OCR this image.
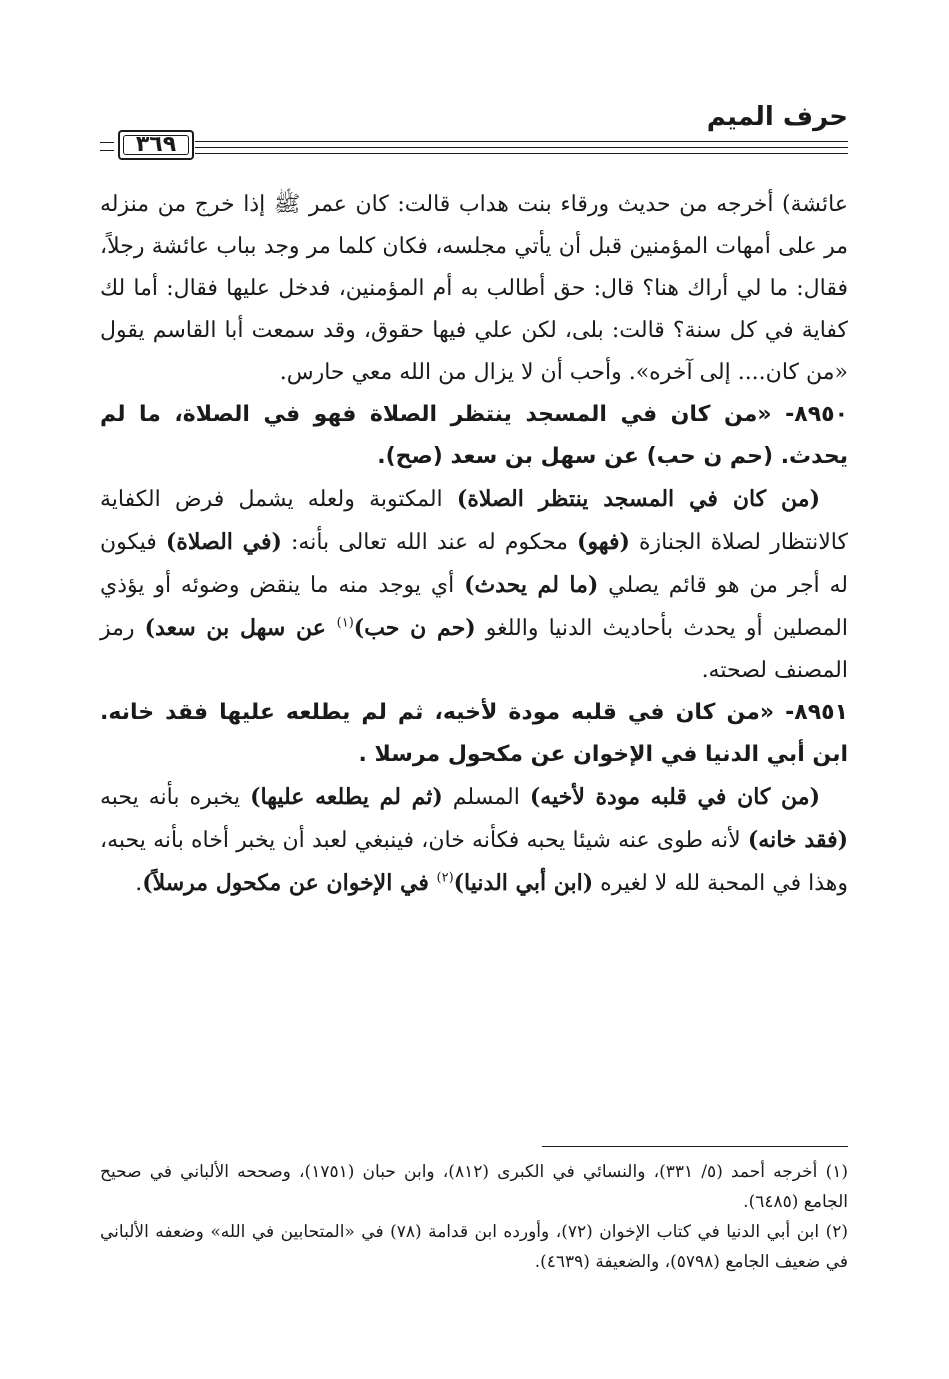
حرف الميم
٣٦٩

عائشة) أخرجه من حديث ورقاء بنت هداب قالت: كان عمر ﷺ إذا خرج من منزله مر على أمهات المؤمنين قبل أن يأتي مجلسه، فكان كلما مر وجد بباب عائشة رجلاً، فقال: ما لي أراك هنا؟ قال: حق أطالب به أم المؤمنين، فدخل عليها فقال: أما لك كفاية في كل سنة؟ قالت: بلى، لكن علي فيها حقوق، وقد سمعت أبا القاسم يقول «من كان.... إلى آخره». وأحب أن لا يزال من الله معي حارس.

٨٩٥٠- «من كان في المسجد ينتظر الصلاة فهو في الصلاة، ما لم يحدث. (حم ن حب) عن سهل بن سعد (صح).

(من كان في المسجد ينتظر الصلاة) المكتوبة ولعله يشمل فرض الكفاية كالانتظار لصلاة الجنازة (فهو) محكوم له عند الله تعالى بأنه: (في الصلاة) فيكون له أجر من هو قائم يصلي (ما لم يحدث) أي يوجد منه ما ينقض وضوئه أو يؤذي المصلين أو يحدث بأحاديث الدنيا واللغو (حم ن حب)$^{(١)}$ عن سهل بن سعد) رمز المصنف لصحته.

٨٩٥١- «من كان في قلبه مودة لأخيه، ثم لم يطلعه عليها فقد خانه. ابن أبي الدنيا في الإخوان عن مكحول مرسلا .

(من كان في قلبه مودة لأخيه) المسلم (ثم لم يطلعه عليها) يخبره بأنه يحبه (فقد خانه) لأنه طوى عنه شيئا يحبه فكأنه خان، فينبغي لعبد أن يخبر أخاه بأنه يحبه، وهذا في المحبة لله لا لغيره (ابن أبي الدنيا)$^{(٢)}$ في الإخوان عن مكحول مرسلاً).

(١) أخرجه أحمد (٥/ ٣٣١)، والنسائي في الكبرى (٨١٢)، وابن حبان (١٧٥١)، وصححه الألباني في صحيح الجامع (٦٤٨٥).

(٢) ابن أبي الدنيا في كتاب الإخوان (٧٢)، وأورده ابن قدامة (٧٨) في «المتحابين في الله» وضعفه الألباني في ضعيف الجامع (٥٧٩٨)، والضعيفة (٤٦٣٩).
